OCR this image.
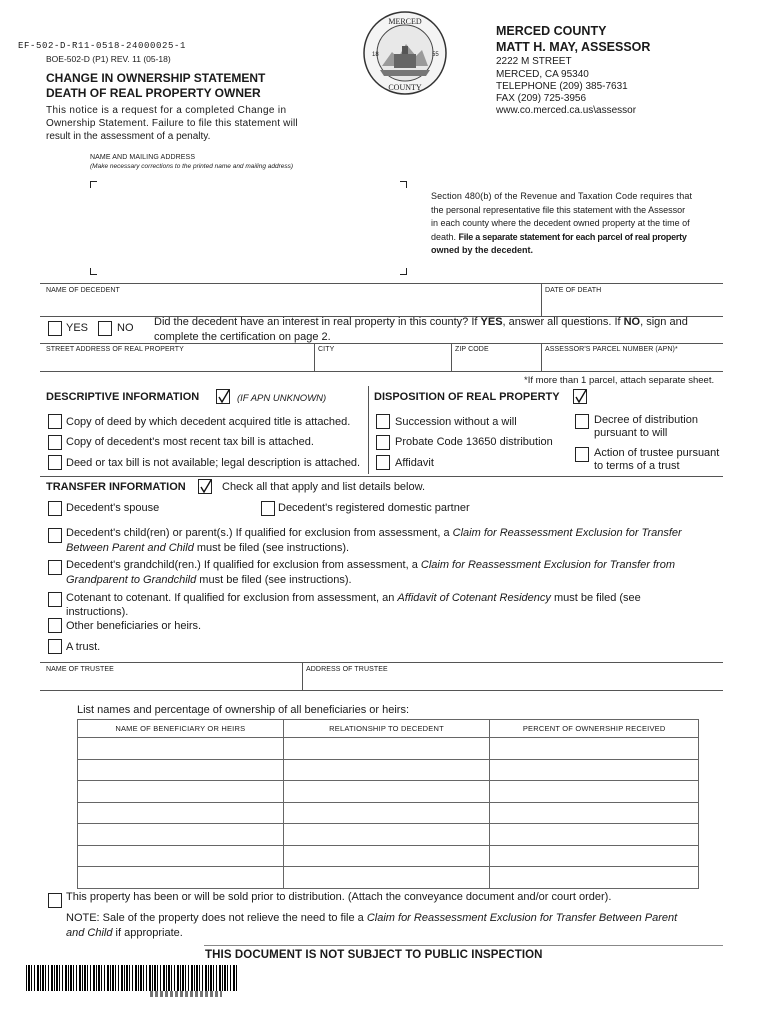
EF-502-D-R11-0518-24000025-1
BOE-502-D (P1) REV. 11 (05-18)
CHANGE IN OWNERSHIP STATEMENT
DEATH OF REAL PROPERTY OWNER
This notice is a request for a completed Change in
Ownership Statement. Failure to file this statement will
result in the assessment of a penalty.
MERCED
COUNTY
18	55
MERCED COUNTY
MATT H. MAY, ASSESSOR
2222 M STREET
MERCED, CA 95340
TELEPHONE (209) 385-7631
FAX (209) 725-3956
www.co.merced.ca.us\assessor
NAME AND MAILING ADDRESS
(Make necessary corrections to the printed name and mailing address)
Section 480(b) of the Revenue and Taxation Code requires that
the personal representative file this statement with the Assessor
in each county where the decedent owned property at the time of
death. File a separate statement for each parcel of real property
owned by the decedent.
NAME OF DECEDENT	DATE OF DEATH
YES	NO Did the decedent have an interest in real property in this county? If YES, answer all questions. If NO, sign and
complete the certification on page 2.
STREET ADDRESS OF REAL PROPERTY	CITY	ZIP CODE	ASSESSOR'S PARCEL NUMBER (APN)*
*If more than 1 parcel, attach separate sheet.
DESCRIPTIVE INFORMATION	(IF APN UNKNOWN)
Copy of deed by which decedent acquired title is attached.
Copy of decedent's most recent tax bill is attached.
Deed or tax bill is not available; legal description is attached.
DISPOSITION OF REAL PROPERTY
Succession without a will
Probate Code 13650 distribution
Affidavit
Decree of distribution
pursuant to will
Action of trustee pursuant
to terms of a trust
TRANSFER INFORMATION	Check all that apply and list details below.
Decedent's spouse	Decedent's registered domestic partner
Decedent's child(ren) or parent(s.) If qualified for exclusion from assessment, a Claim for Reassessment Exclusion for Transfer
Between Parent and Child must be filed (see instructions).
Decedent's grandchild(ren.) If qualified for exclusion from assessment, a Claim for Reassessment Exclusion for Transfer from
Grandparent to Grandchild must be filed (see instructions).
Cotenant to cotenant. If qualified for exclusion from assessment, an Affidavit of Cotenant Residency must be filed (see
instructions).
Other beneficiaries or heirs.
A trust.
NAME OF TRUSTEE	ADDRESS OF TRUSTEE
List names and percentage of ownership of all beneficiaries or heirs:
NAME OF BENEFICIARY OR HEIRS	RELATIONSHIP TO DECEDENT	PERCENT OF OWNERSHIP RECEIVED

This property has been or will be sold prior to distribution. (Attach the conveyance document and/or court order).
NOTE: Sale of the property does not relieve the need to file a Claim for Reassessment Exclusion for Transfer Between Parent
and Child if appropriate.
THIS DOCUMENT IS NOT SUBJECT TO PUBLIC INSPECTION
